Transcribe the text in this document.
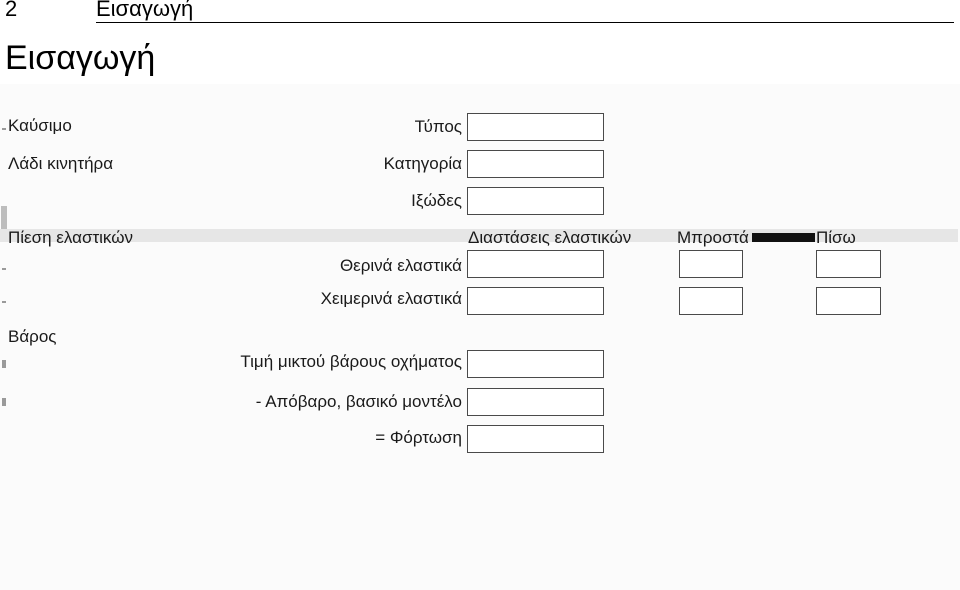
2	Εισαγωγή
Εισαγωγή
Καύσιμο	Τύπος
Λάδι κινητήρα	Κατηγορία
Ιξώδες
Πίεση ελαστικών	Διαστάσεις ελαστικών	Μπροστά	Πίσω
Θερινά ελαστικά
Χειμερινά ελαστικά
Βάρος
Τιμή μικτού βάρους οχήματος
- Απόβαρο, βασικό μοντέλο
= Φόρτωση
